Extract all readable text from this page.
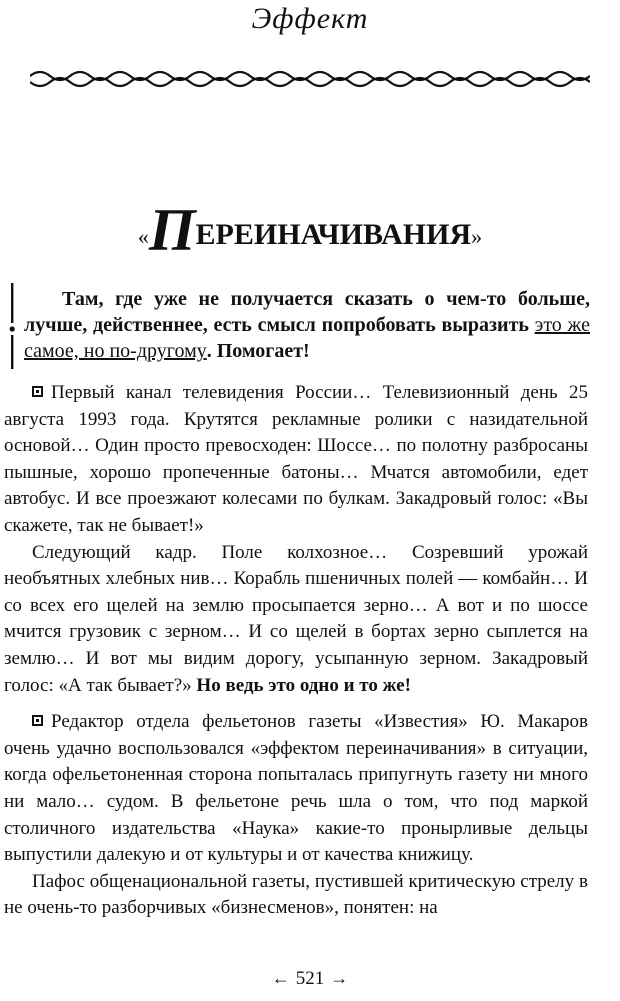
Эффект
«ПЕРЕИНАЧИВАНИЯ»
Там, где уже не получается сказать о чем-то больше, лучше, действеннее, есть смысл попробовать выразить это же самое, но по-другому. Помогает!

Первый канал телевидения России… Телевизионный день 25 августа 1993 года. Крутятся рекламные ролики с назидательной основой… Один просто превосходен: Шоссе… по полотну разбросаны пышные, хорошо пропеченные батоны… Мчатся автомобили, едет автобус. И все проезжают колесами по булкам. Закадровый голос: «Вы скажете, так не бывает!»

Следующий кадр. Поле колхозное… Созревший урожай необъятных хлебных нив… Корабль пшеничных полей — комбайн… И со всех его щелей на землю просыпается зерно… А вот и по шоссе мчится грузовик с зерном… И со щелей в бортах зерно сыплется на землю… И вот мы видим дорогу, усыпанную зерном. Закадровый голос: «А так бывает?» Но ведь это одно и то же!

Редактор отдела фельетонов газеты «Известия» Ю. Макаров очень удачно воспользовался «эффектом переиначивания» в ситуации, когда офельетоненная сторона попыталась припугнуть газету ни много ни мало… судом. В фельетоне речь шла о том, что под маркой столичного издательства «Наука» какие-то пронырливые дельцы выпустили далекую и от культуры и от качества книжицу.

Пафос общенациональной газеты, пустившей критическую стрелу в не очень-то разборчивых «бизнесменов», понятен: на

← 521 →
